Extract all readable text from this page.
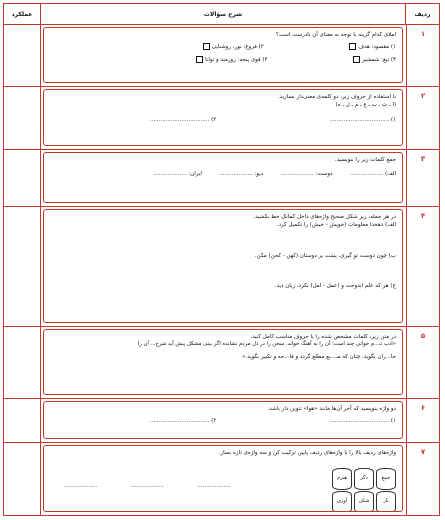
عملکرد	شرح سؤالات	ردیف
۱
املای کدام گزینه با توجه به معنای آن نادرست است؟
۱) مقصود: هدف  ۲) فروغ: نور، روشنایی
۳) تیغ: شمشیر  ۴) قوی پنجه: زورمند و توانا
۲
با استفاده از حروف زیر، دو کلمه‌ی معنی‌دار بسازید.
(ا ـ ت ـ ب ـ ع ـ م ـ ل ـ ه)
۱) ..................................  ۲) ..................................
۳
جمع کلمات زیر را بنویسید.
الف) ...................  دوست: ...................  دیو: ...................  ایران: ...................
۴
در هر جمله، زیر شکل صحیح واژه‌های داخل کمانک خط بکشید.
الف) دهخدا معلومات (خویش - خیش) را تکمیل کرد.
ب) چون دوست تو گیری، پشت بر دوستان (کهن - کحن) مکن.
ج) هر که علم اندوخت و (عمل - امل) نکرد، زیان دید.
۵
در متن زیر، کلمات مشخص شده را با حروف مناسب کامل کنید.
«ادب نـ...م خوانی چند است؛ آن را به آهنگ خواند. سخن را در دل مردم نشانده اگر بیتی مشکل پیش آید شرح... آن را
حا...ران بگوید. چنان که مـ...ـع مطلع گردد و فا...حه و تکبیر بگوید.»
۶
دو واژه بنویسید که آخر آن‌ها مانند «هوا» تنوین دار باشد.
۱) ..................................  ۲) ..................................
۷
واژه‌های ردیف بالا را با واژه‌های ردیف پایین ترکیب کن و سه واژه‌ی تازه بساز.
...................	...................	...................
جمع
دگر
هنرم
بار
شکن
آوری
